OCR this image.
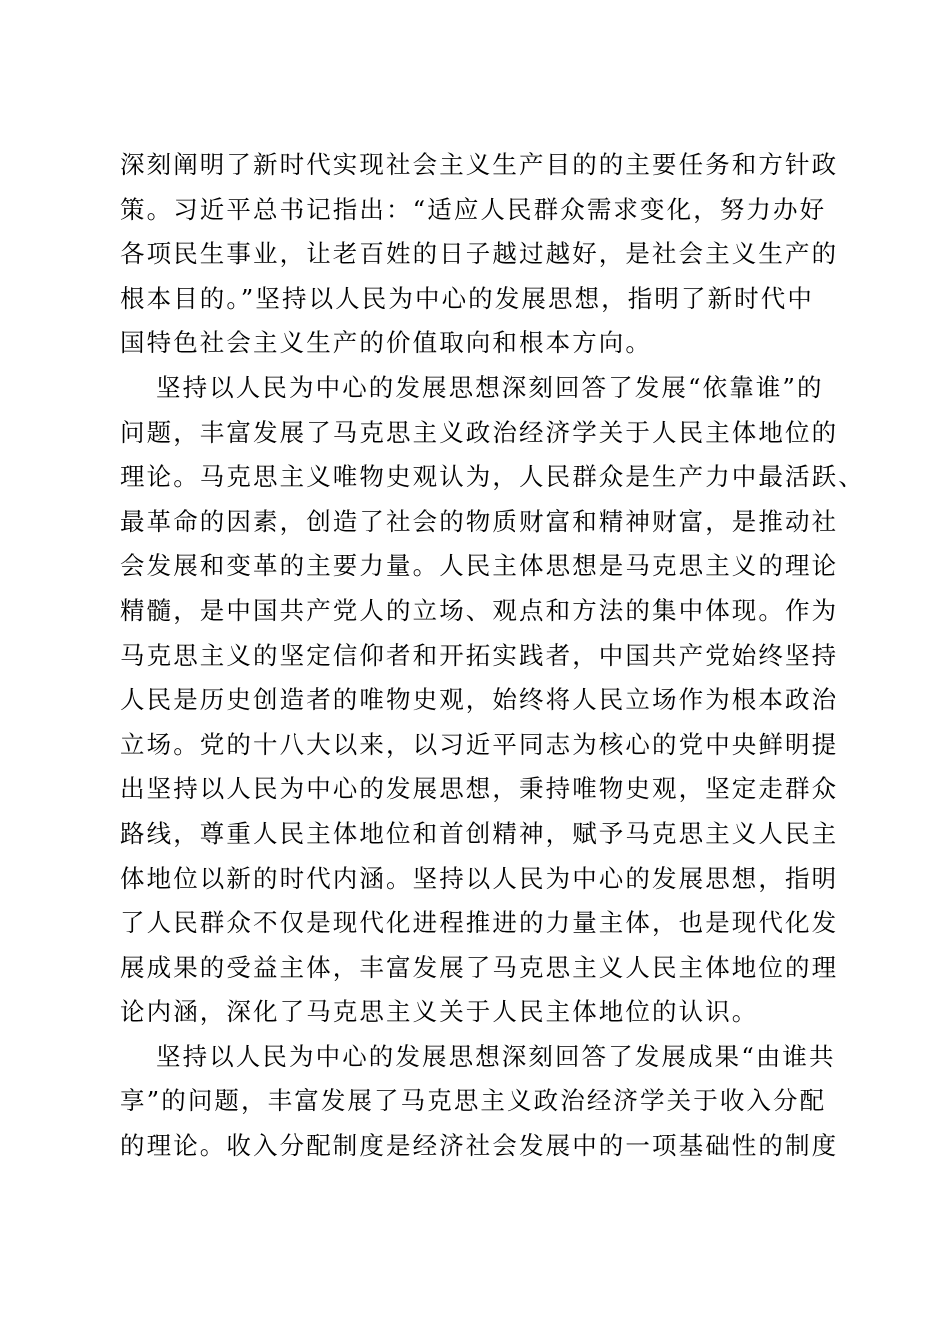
深刻阐明了新时代实现社会主义生产目的的主要任务和方针政
策。习近平总书记指出：“适应人民群众需求变化，努力办好
各项民生事业，让老百姓的日子越过越好，是社会主义生产的
根本目的。”坚持以人民为中心的发展思想，指明了新时代中
国特色社会主义生产的价值取向和根本方向。
坚持以人民为中心的发展思想深刻回答了发展“依靠谁”的
问题，丰富发展了马克思主义政治经济学关于人民主体地位的
理论。马克思主义唯物史观认为，人民群众是生产力中最活跃、
最革命的因素，创造了社会的物质财富和精神财富，是推动社
会发展和变革的主要力量。人民主体思想是马克思主义的理论
精髓，是中国共产党人的立场、观点和方法的集中体现。作为
马克思主义的坚定信仰者和开拓实践者，中国共产党始终坚持
人民是历史创造者的唯物史观，始终将人民立场作为根本政治
立场。党的十八大以来，以习近平同志为核心的党中央鲜明提
出坚持以人民为中心的发展思想，秉持唯物史观，坚定走群众
路线，尊重人民主体地位和首创精神，赋予马克思主义人民主
体地位以新的时代内涵。坚持以人民为中心的发展思想，指明
了人民群众不仅是现代化进程推进的力量主体，也是现代化发
展成果的受益主体，丰富发展了马克思主义人民主体地位的理
论内涵，深化了马克思主义关于人民主体地位的认识。
坚持以人民为中心的发展思想深刻回答了发展成果“由谁共
享”的问题，丰富发展了马克思主义政治经济学关于收入分配
的理论。收入分配制度是经济社会发展中的一项基础性的制度
